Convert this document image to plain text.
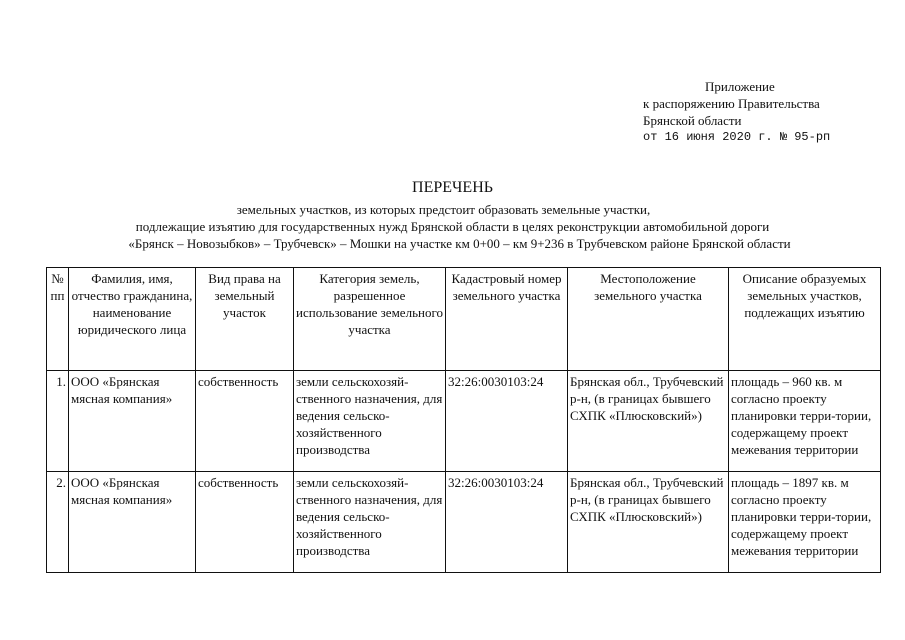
Приложение
к распоряжению Правительства
Брянской области
от 16 июня 2020 г. № 95-рп
ПЕРЕЧЕНЬ
земельных участков, из которых предстоит образовать земельные участки,
подлежащие изъятию для государственных нужд Брянской области в целях реконструкции автомобильной дороги
«Брянск – Новозыбков» – Трубчевск» – Мошки на участке км 0+00 – км 9+236 в Трубчевском районе Брянской области
№ пп	Фамилия, имя, отчество гражданина, наименование юридического лица	Вид права на земельный участок	Категория земель, разрешенное использование земельного участка	Кадастровый номер земельного участка	Местоположение земельного участка	Описание образуемых земельных участков, подлежащих изъятию
1.	ООО «Брянская мясная компания»	собственность	земли сельскохозяй-ственного назначения, для ведения сельско-хозяйственного производства	32:26:0030103:24	Брянская обл., Трубчевский р-н, (в границах бывшего СХПК «Плюсковский»)	площадь – 960 кв. м согласно проекту планировки терри-тории, содержащему проект межевания территории
2.	ООО «Брянская мясная компания»	собственность	земли сельскохозяй-ственного назначения, для ведения сельско-хозяйственного производства	32:26:0030103:24	Брянская обл., Трубчевский р-н, (в границах бывшего СХПК «Плюсковский»)	площадь – 1897 кв. м согласно проекту планировки терри-тории, содержащему проект межевания территории
